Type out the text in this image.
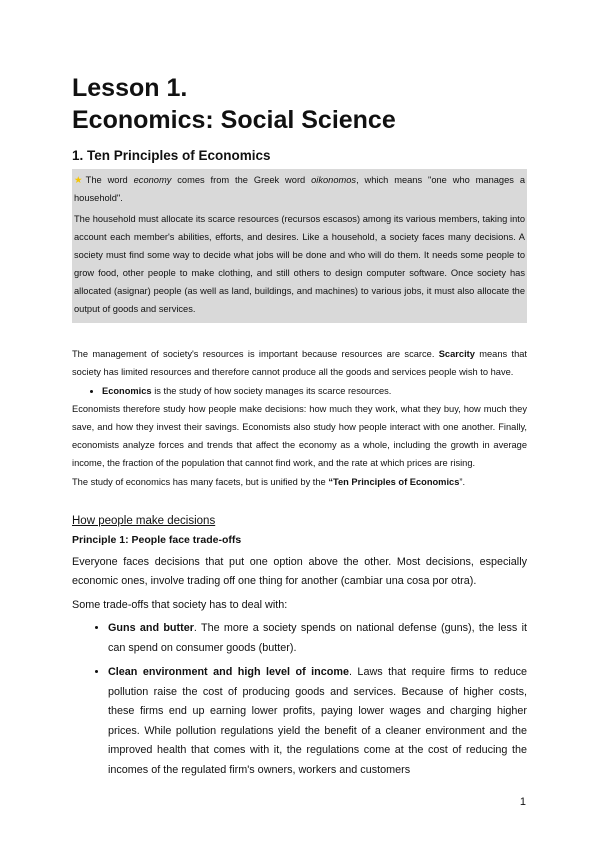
Lesson 1.
Economics: Social Science
1. Ten Principles of Economics

★The word economy comes from the Greek word oikonomos, which means "one who manages a household".

The household must allocate its scarce resources (recursos escasos) among its various members, taking into account each member's abilities, efforts, and desires. Like a household, a society faces many decisions. A society must find some way to decide what jobs will be done and who will do them. It needs some people to grow food, other people to make clothing, and still others to design computer software. Once society has allocated (asignar) people (as well as land, buildings, and machines) to various jobs, it must also allocate the output of goods and services.

The management of society's resources is important because resources are scarce. Scarcity means that society has limited resources and therefore cannot produce all the goods and services people wish to have.

• Economics is the study of how society manages its scarce resources.

Economists therefore study how people make decisions: how much they work, what they buy, how much they save, and how they invest their savings. Economists also study how people interact with one another. Finally, economists analyze forces and trends that affect the economy as a whole, including the growth in average income, the fraction of the population that cannot find work, and the rate at which prices are rising.

The study of economics has many facets, but is unified by the “Ten Principles of Economics”.

How people make decisions

Principle 1: People face trade-offs

Everyone faces decisions that put one option above the other. Most decisions, especially economic ones, involve trading off one thing for another (cambiar una cosa por otra).

Some trade-offs that society has to deal with:

• Guns and butter. The more a society spends on national defense (guns), the less it can spend on consumer goods (butter).
• Clean environment and high level of income. Laws that require firms to reduce pollution raise the cost of producing goods and services. Because of higher costs, these firms end up earning lower profits, paying lower wages and charging higher prices. While pollution regulations yield the benefit of a cleaner environment and the improved health that comes with it, the regulations come at the cost of reducing the incomes of the regulated firm's owners, workers and customers
1
